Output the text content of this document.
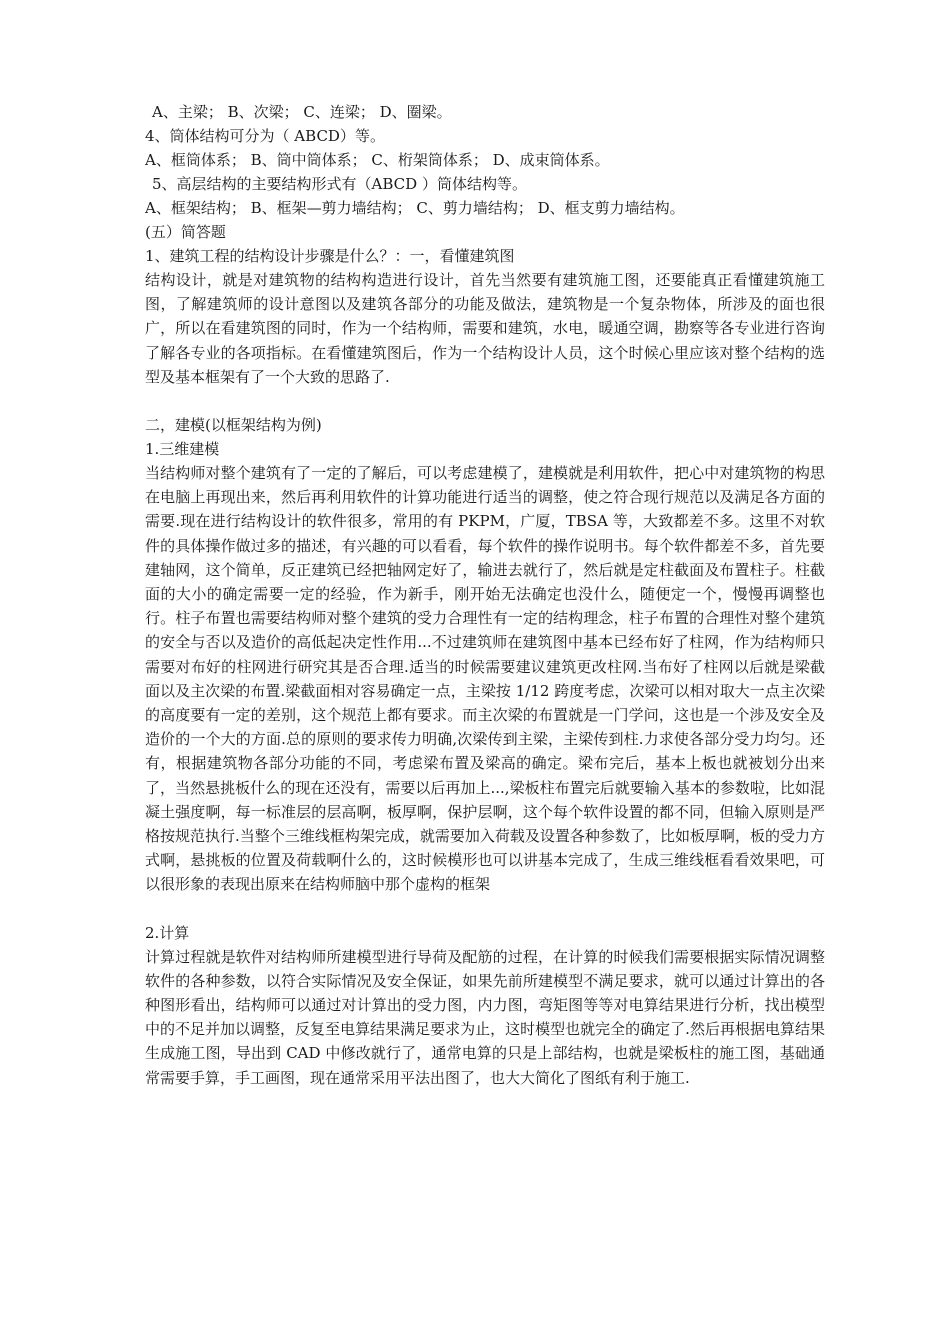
A、主梁； B、次梁； C、连梁； D、圈梁。

4、筒体结构可分为（ ABCD）等。

A、框筒体系； B、筒中筒体系； C、桁架筒体系； D、成束筒体系。

5、高层结构的主要结构形式有（ABCD ）筒体结构等。

A、框架结构； B、框架—剪力墙结构； C、剪力墙结构； D、框支剪力墙结构。

(五）简答题

1、建筑工程的结构设计步骤是什么？：一，看懂建筑图

结构设计，就是对建筑物的结构构造进行设计，首先当然要有建筑施工图，还要能真正看懂建筑施工图，了解建筑师的设计意图以及建筑各部分的功能及做法，建筑物是一个复杂物体，所涉及的面也很广，所以在看建筑图的同时，作为一个结构师，需要和建筑，水电，暖通空调，勘察等各专业进行咨询了解各专业的各项指标。在看懂建筑图后，作为一个结构设计人员，这个时候心里应该对整个结构的选型及基本框架有了一个大致的思路了.

二，建模(以框架结构为例)

1.三维建模

当结构师对整个建筑有了一定的了解后，可以考虑建模了，建模就是利用软件，把心中对建筑物的构思在电脑上再现出来，然后再利用软件的计算功能进行适当的调整，使之符合现行规范以及满足各方面的需要.现在进行结构设计的软件很多，常用的有 PKPM，广厦，TBSA 等，大致都差不多。这里不对软件的具体操作做过多的描述，有兴趣的可以看看，每个软件的操作说明书。每个软件都差不多，首先要建轴网，这个简单，反正建筑已经把轴网定好了，输进去就行了，然后就是定柱截面及布置柱子。柱截面的大小的确定需要一定的经验，作为新手，刚开始无法确定也没什么，随便定一个，慢慢再调整也行。柱子布置也需要结构师对整个建筑的受力合理性有一定的结构理念，柱子布置的合理性对整个建筑的安全与否以及造价的高低起决定性作用...不过建筑师在建筑图中基本已经布好了柱网，作为结构师只需要对布好的柱网进行研究其是否合理.适当的时候需要建议建筑更改柱网.当布好了柱网以后就是梁截面以及主次梁的布置.梁截面相对容易确定一点，主梁按 1/12 跨度考虑，次梁可以相对取大一点主次梁的高度要有一定的差别，这个规范上都有要求。而主次梁的布置就是一门学问，这也是一个涉及安全及造价的一个大的方面.总的原则的要求传力明确,次梁传到主梁，主梁传到柱.力求使各部分受力均匀。还有，根据建筑物各部分功能的不同，考虑梁布置及梁高的确定。梁布完后，基本上板也就被划分出来了，当然悬挑板什么的现在还没有，需要以后再加上...,梁板柱布置完后就要输入基本的参数啦，比如混凝土强度啊，每一标准层的层高啊，板厚啊，保护层啊，这个每个软件设置的都不同，但输入原则是严格按规范执行.当整个三维线框构架完成，就需要加入荷载及设置各种参数了，比如板厚啊，板的受力方式啊，悬挑板的位置及荷载啊什么的，这时候模形也可以讲基本完成了，生成三维线框看看效果吧，可以很形象的表现出原来在结构师脑中那个虚构的框架

2.计算

计算过程就是软件对结构师所建模型进行导荷及配筋的过程，在计算的时候我们需要根据实际情况调整软件的各种参数，以符合实际情况及安全保证，如果先前所建模型不满足要求，就可以通过计算出的各种图形看出，结构师可以通过对计算出的受力图，内力图，弯矩图等等对电算结果进行分析，找出模型中的不足并加以调整，反复至电算结果满足要求为止，这时模型也就完全的确定了.然后再根据电算结果生成施工图，导出到 CAD 中修改就行了，通常电算的只是上部结构，也就是梁板柱的施工图，基础通常需要手算，手工画图，现在通常采用平法出图了，也大大简化了图纸有利于施工.
